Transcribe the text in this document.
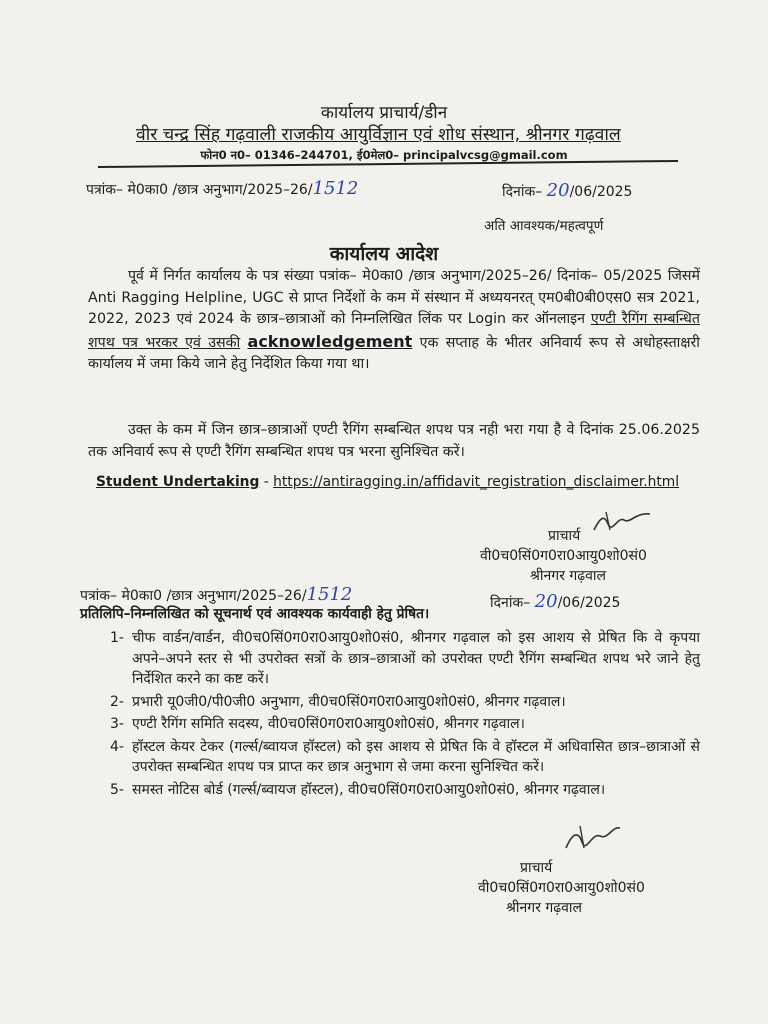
कार्यालय प्राचार्य/डीन
वीर चन्द्र सिंह गढ़वाली राजकीय आयुर्विज्ञान एवं शोध संस्थान, श्रीनगर गढ़वाल
फोन0 न0– 01346–244701, ई0मेल0– principalvcsg@gmail.com
पत्रांक– मे0का0 /छात्र अनुभाग/2025–26/1512	दिनांक– 20/06/2025
अति आवश्यक/महत्वपूर्ण
कार्यालय आदेश
पूर्व में निर्गत कार्यालय के पत्र संख्या पत्रांक– मे0का0 /छात्र अनुभाग/2025–26/ दिनांक– 05/2025 जिसमें Anti Ragging Helpline, UGC से प्राप्त निर्देशों के कम में संस्थान में अध्ययनरत् एम0बी0बी0एस0 सत्र 2021, 2022, 2023 एवं 2024 के छात्र–छात्राओं को निम्नलिखित लिंक पर Login कर ऑनलाइन एण्टी रैगिंग सम्बन्धित शपथ पत्र भरकर एवं उसकी acknowledgement एक सप्ताह के भीतर अनिवार्य रूप से अधोहस्ताक्षरी कार्यालय में जमा किये जाने हेतु निर्देशित किया गया था।
उक्त के कम में जिन छात्र–छात्राओं एण्टी रैगिंग सम्बन्धित शपथ पत्र नही भरा गया है वे दिनांक 25.06.2025 तक अनिवार्य रूप से एण्टी रैगिंग सम्बन्धित शपथ पत्र भरना सुनिश्चित करें।
Student Undertaking - https://antiragging.in/affidavit_registration_disclaimer.html
प्राचार्य
वी0च0सिं0ग0रा0आयु0शो0सं0
श्रीनगर गढ़वाल
पत्रांक– मे0का0 /छात्र अनुभाग/2025–26/1512	दिनांक– 20/06/2025
प्रतिलिपि–निम्नलिखित को सूचनार्थ एवं आवश्यक कार्यवाही हेतु प्रेषित।
1- चीफ वार्डन/वार्डन, वी0च0सिं0ग0रा0आयु0शो0सं0, श्रीनगर गढ़वाल को इस आशय से प्रेषित कि वे कृपया अपने–अपने स्तर से भी उपरोक्त सत्रों के छात्र–छात्राओं को उपरोक्त एण्टी रैगिंग सम्बन्धित शपथ भरे जाने हेतु निर्देशित करने का कष्ट करें।
2- प्रभारी यू0जी0/पी0जी0 अनुभाग, वी0च0सिं0ग0रा0आयु0शो0सं0, श्रीनगर गढ़वाल।
3- एण्टी रैगिंग समिति सदस्य, वी0च0सिं0ग0रा0आयु0शो0सं0, श्रीनगर गढ़वाल।
4- हॉस्टल केयर टेकर (गर्ल्स/ब्वायज हॉस्टल) को इस आशय से प्रेषित कि वे हॉस्टल में अधिवासित छात्र–छात्राओं से उपरोक्त सम्बन्धित शपथ पत्र प्राप्त कर छात्र अनुभाग से जमा करना सुनिश्चित करें।
5- समस्त नोटिस बोर्ड (गर्ल्स/ब्वायज हॉस्टल), वी0च0सिं0ग0रा0आयु0शो0सं0, श्रीनगर गढ़वाल।
प्राचार्य
वी0च0सिं0ग0रा0आयु0शो0सं0
श्रीनगर गढ़वाल
